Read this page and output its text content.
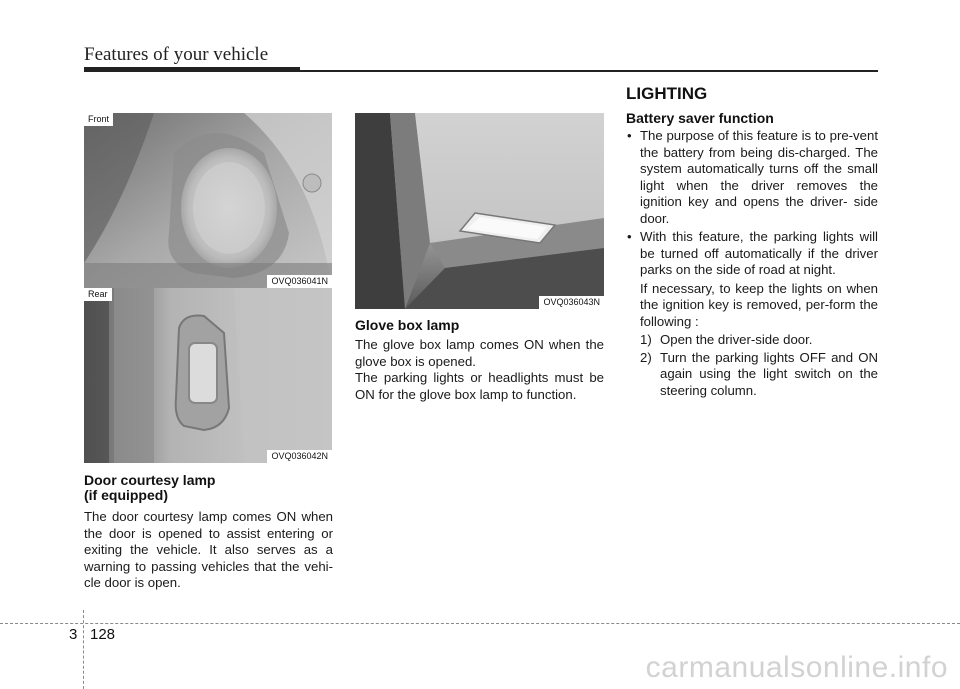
Features of your vehicle
Front
OVQ036041N
Rear
OVQ036042N
OVQ036043N
Door courtesy lamp
(if equipped)

The door courtesy lamp comes ON when the door is opened to assist entering or exiting the vehicle. It also serves as a warning to passing vehicles that the vehi-cle door is open.

Glove box lamp

The glove box lamp comes ON when the glove box is opened.

The parking lights or headlights must be ON for the glove box lamp to function.

LIGHTING
Battery saver function
• The purpose of this feature is to pre-vent the battery from being dis-charged. The system automatically turns off the small light when the driver removes the ignition key and opens the driver- side door.
• With this feature, the parking lights will be turned off automatically if the driver parks on the side of road at night.

If necessary, to keep the lights on when the ignition key is removed, per-form the following :

1) Open the driver-side door.
2) Turn the parking lights OFF and ON again using the light switch on the steering column.
3 128
carmanualsonline.info
